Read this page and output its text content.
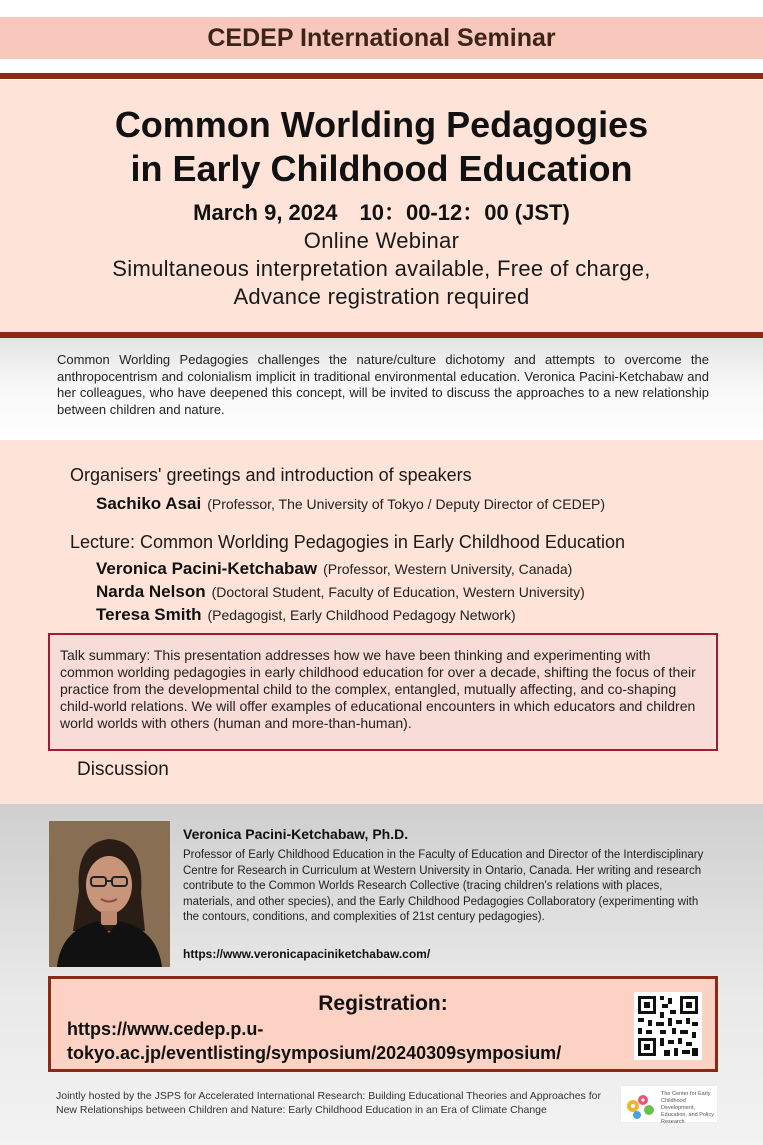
CEDEP International Seminar
Common Worlding Pedagogies
in Early Childhood Education
March 9, 2024 10：00-12：00 (JST)
Online Webinar
Simultaneous interpretation available, Free of charge,
Advance registration required

Common Worlding Pedagogies challenges the nature/culture dichotomy and attempts to overcome the anthropocentrism and colonialism implicit in traditional environmental education. Veronica Pacini-Ketchabaw and her colleagues, who have deepened this concept, will be invited to discuss the approaches to a new relationship between children and nature.

Organisers' greetings and introduction of speakers
Sachiko Asai (Professor, The University of Tokyo / Deputy Director of CEDEP)
Lecture: Common Worlding Pedagogies in Early Childhood Education
Veronica Pacini-Ketchabaw (Professor, Western University, Canada)
Narda Nelson (Doctoral Student, Faculty of Education, Western University)
Teresa Smith (Pedagogist, Early Childhood Pedagogy Network)
Talk summary: This presentation addresses how we have been thinking and experimenting with common worlding pedagogies in early childhood education for over a decade, shifting the focus of their practice from the developmental child to the complex, entangled, mutually affecting, and co-shaping child-world relations. We will offer examples of educational encounters in which educators and children world worlds with others (human and more-than-human).
Discussion
Veronica Pacini-Ketchabaw, Ph.D.
Professor of Early Childhood Education in the Faculty of Education and Director of the Interdisciplinary Centre for Research in Curriculum at Western University in Ontario, Canada. Her writing and research contribute to the Common Worlds Research Collective (tracing children's relations with places, materials, and other species), and the Early Childhood Pedagogies Collaboratory (experimenting with the contours, conditions, and complexities of 21st century pedagogies).
https://www.veronicapaciniketchabaw.com/
Registration:
https://www.cedep.p.u-tokyo.ac.jp/eventlisting/symposium/20240309symposium/
Jointly hosted by the JSPS for Accelerated International Research: Building Educational Theories and Approaches for New Relationships between Children and Nature: Early Childhood Education in an Era of Climate Change
The Center for Early Childhood Development, Education, and Policy Research
